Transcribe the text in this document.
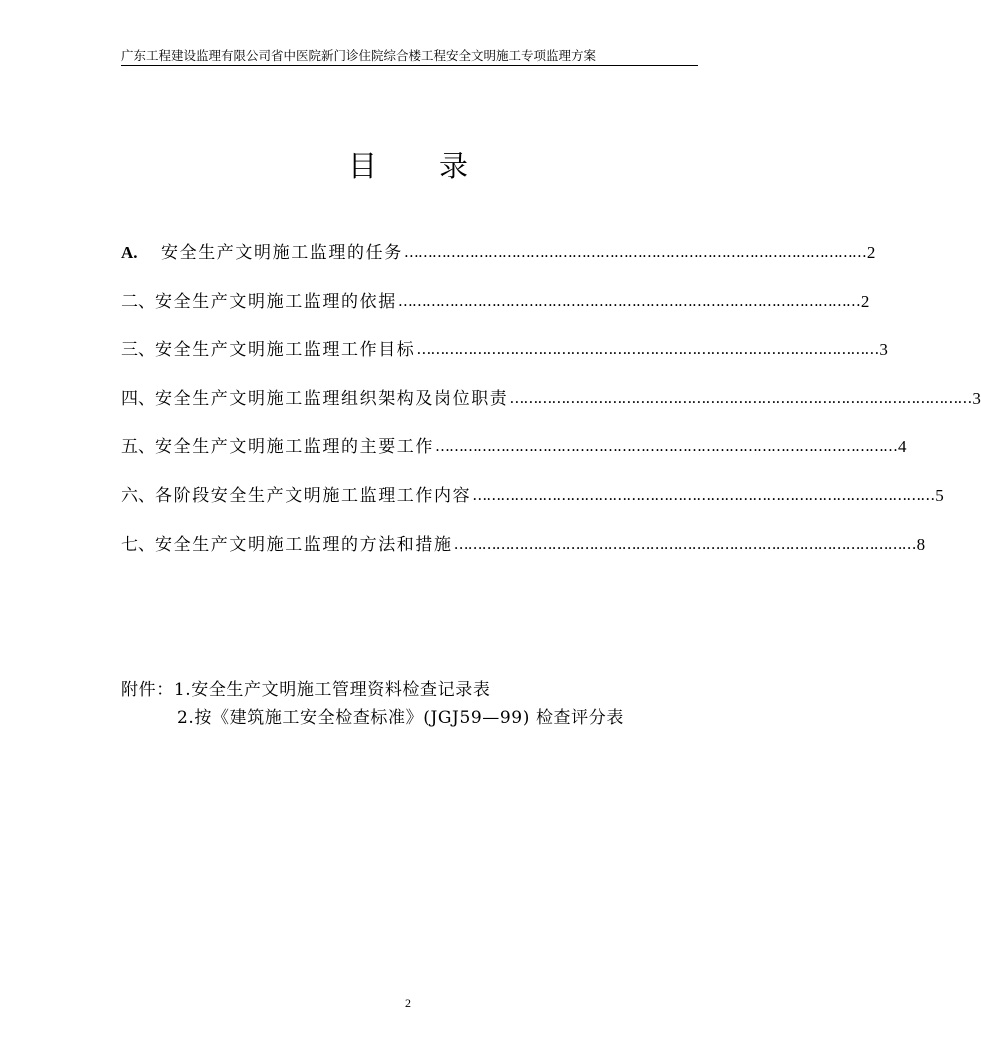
广东工程建设监理有限公司省中医院新门诊住院综合楼工程安全文明施工专项监理方案
目 录
A.	安全生产文明施工监理的任务 ……………………………………………………………………………………… 2
二、 安全生产文明施工监理的依据 ……………………………………………………………………………………… 2
三、 安全生产文明施工监理工作目标 ……………………………………………………………………………………… 3
四、 安全生产文明施工监理组织架构及岗位职责 ……………………………………………………………………………………… 3
五、 安全生产文明施工监理的主要工作 ……………………………………………………………………………………… 4
六、 各阶段安全生产文明施工监理工作内容 ……………………………………………………………………………………… 5
七、 安全生产文明施工监理的方法和措施 ……………………………………………………………………………………… 8
附件：1.安全生产文明施工管理资料检查记录表
2.按《建筑施工安全检查标准》(JGJ59—99) 检查评分表
2
